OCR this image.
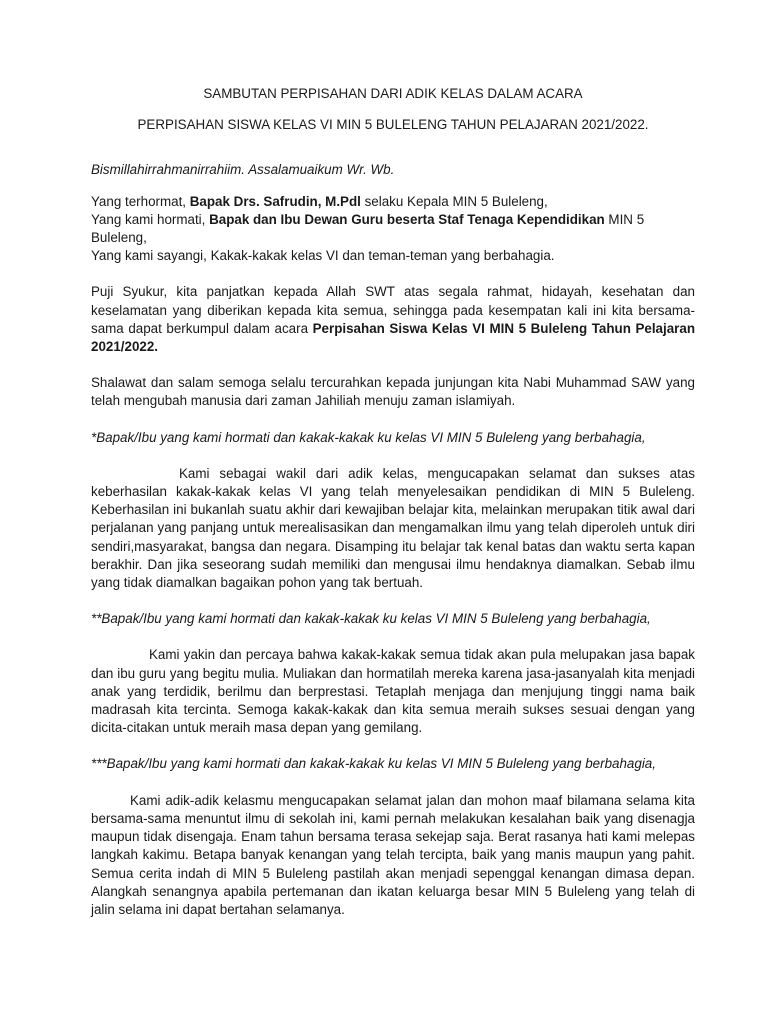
SAMBUTAN PERPISAHAN DARI ADIK KELAS DALAM ACARA

PERPISAHAN SISWA KELAS VI MIN 5 BULELENG TAHUN PELAJARAN 2021/2022.

Bismillahirrahmanirrahiim. Assalamuaikum Wr. Wb.

Yang terhormat, Bapak Drs. Safrudin, M.Pdl selaku Kepala MIN 5 Buleleng,

Yang kami hormati, Bapak dan Ibu Dewan Guru beserta Staf Tenaga Kependidikan MIN 5 Buleleng,

Yang kami sayangi, Kakak-kakak kelas VI dan teman-teman yang berbahagia.

Puji Syukur, kita panjatkan kepada Allah SWT atas segala rahmat, hidayah, kesehatan dan keselamatan yang diberikan kepada kita semua, sehingga pada kesempatan kali ini kita bersama-sama dapat berkumpul dalam acara Perpisahan Siswa Kelas VI MIN 5 Buleleng Tahun Pelajaran 2021/2022.

Shalawat dan salam semoga selalu tercurahkan kepada junjungan kita Nabi Muhammad SAW yang telah mengubah manusia dari zaman Jahiliah menuju zaman islamiyah.

*Bapak/Ibu yang kami hormati dan kakak-kakak ku kelas VI MIN 5 Buleleng yang berbahagia,

Kami sebagai wakil dari adik kelas, mengucapakan selamat dan sukses atas keberhasilan kakak-kakak kelas VI yang telah menyelesaikan pendidikan di MIN 5 Buleleng. Keberhasilan ini bukanlah suatu akhir dari kewajiban belajar kita, melainkan merupakan titik awal dari perjalanan yang panjang untuk merealisasikan dan mengamalkan ilmu yang telah diperoleh untuk diri sendiri,masyarakat, bangsa dan negara. Disamping itu belajar tak kenal batas dan waktu serta kapan berakhir. Dan jika seseorang sudah memiliki dan mengusai ilmu hendaknya diamalkan. Sebab ilmu yang tidak diamalkan bagaikan pohon yang tak bertuah.

**Bapak/Ibu yang kami hormati dan kakak-kakak ku kelas VI MIN 5 Buleleng yang berbahagia,

Kami yakin dan percaya bahwa kakak-kakak semua tidak akan pula melupakan jasa bapak dan ibu guru yang begitu mulia. Muliakan dan hormatilah mereka karena jasa-jasanyalah kita menjadi anak yang terdidik, berilmu dan berprestasi. Tetaplah menjaga dan menjujung tinggi nama baik madrasah kita tercinta. Semoga kakak-kakak dan kita semua meraih sukses sesuai dengan yang dicita-citakan untuk meraih masa depan yang gemilang.

***Bapak/Ibu yang kami hormati dan kakak-kakak ku kelas VI MIN 5 Buleleng yang berbahagia,

Kami adik-adik kelasmu mengucapakan selamat jalan dan mohon maaf bilamana selama kita bersama-sama menuntut ilmu di sekolah ini, kami pernah melakukan kesalahan baik yang disenagja maupun tidak disengaja. Enam tahun bersama terasa sekejap saja. Berat rasanya hati kami melepas langkah kakimu. Betapa banyak kenangan yang telah tercipta, baik yang manis maupun yang pahit. Semua cerita indah di MIN 5 Buleleng pastilah akan menjadi sepenggal kenangan dimasa depan. Alangkah senangnya apabila pertemanan dan ikatan keluarga besar MIN 5 Buleleng yang telah di jalin selama ini dapat bertahan selamanya.
